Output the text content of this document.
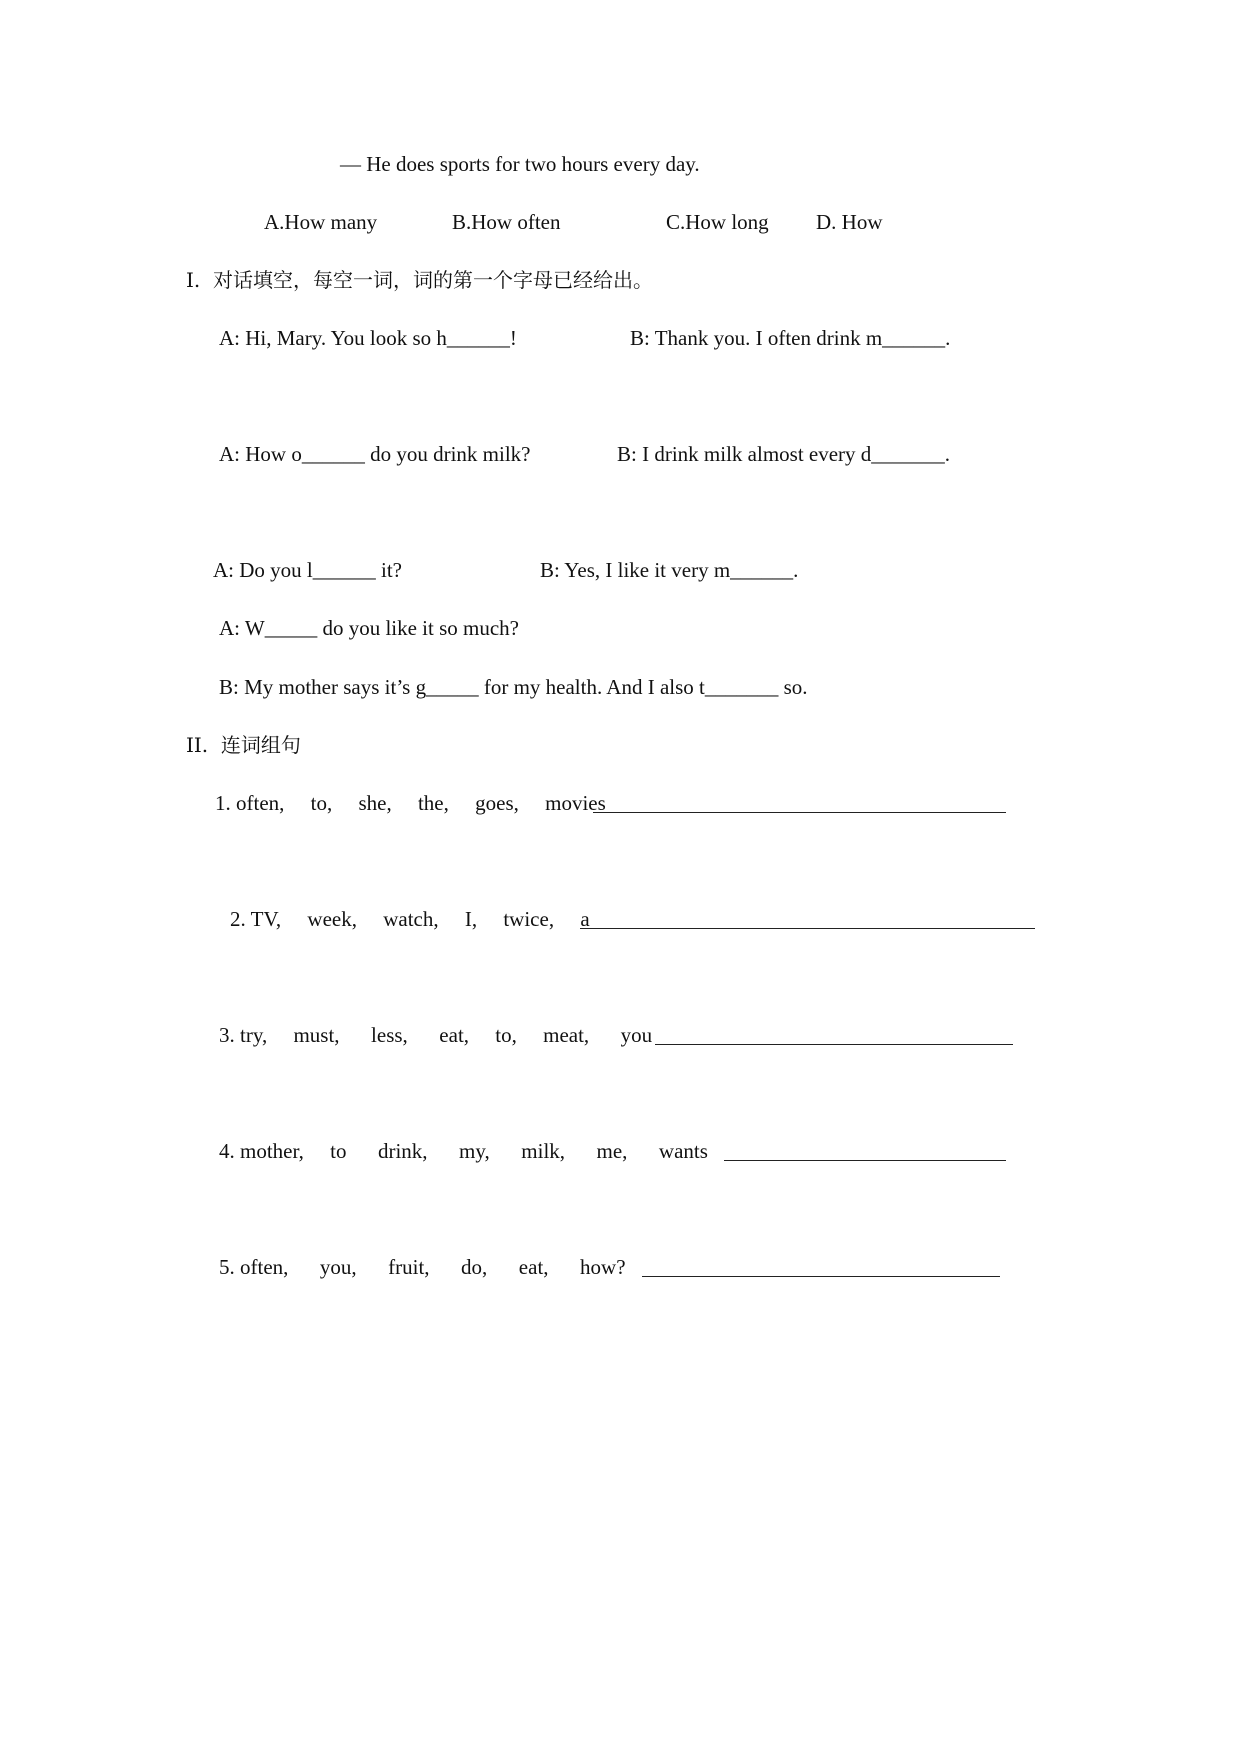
— He does sports for two hours every day.
A.How many	B.How often	C.How long D. How
I.  对话填空，每空一词，词的第一个字母已经给出。
A: Hi, Mary. You look so h______!	B: Thank you. I often drink m______.
A: How o______ do you drink milk?	B: I drink milk almost every d_______.
A: Do you l______ it?	B: Yes, I like it very m______.
A: W_____ do you like it so much?
B: My mother says it’s g_____ for my health. And I also t_______ so.
II.  连词组句
1. often,     to,     she,     the,     goes,     movies
2. TV,     week,     watch,     I,     twice,     a
3. try,     must,      less,      eat,     to,     meat,      you
4. mother,     to      drink,      my,      milk,      me,      wants
5. often,      you,      fruit,      do,      eat,      how?
